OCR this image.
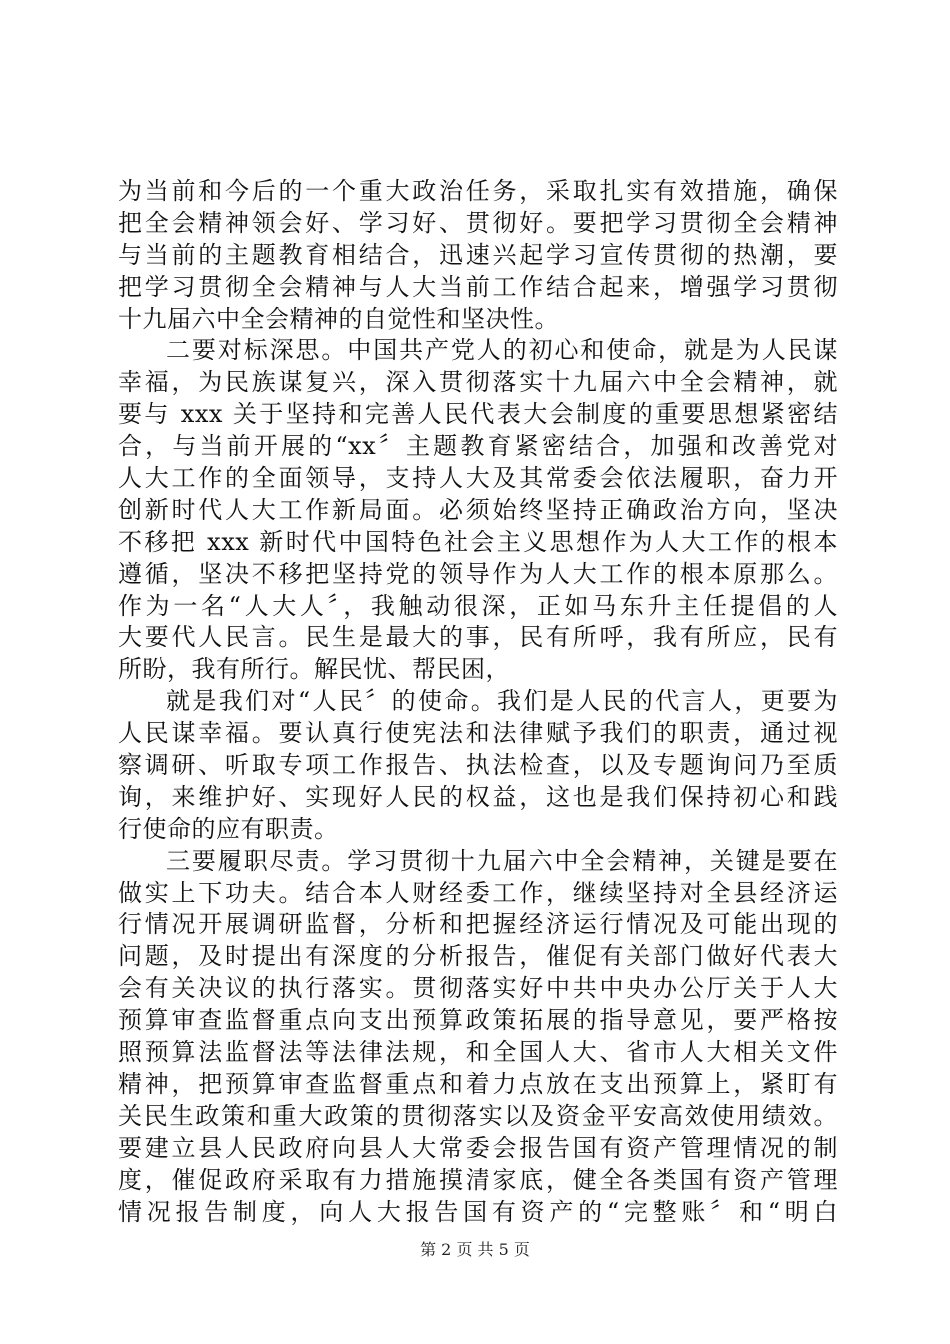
为当前和今后的一个重大政治任务，采取扎实有效措施，确保
把全会精神领会好、学习好、贯彻好。要把学习贯彻全会精神
与当前的主题教育相结合，迅速兴起学习宣传贯彻的热潮，要
把学习贯彻全会精神与人大当前工作结合起来，增强学习贯彻
十九届六中全会精神的自觉性和坚决性。
二要对标深思。中国共产党人的初心和使命，就是为人民谋
幸福，为民族谋复兴，深入贯彻落实十九届六中全会精神，就
要与 xxx 关于坚持和完善人民代表大会制度的重要思想紧密结
合，与当前开展的“xx〞主题教育紧密结合，加强和改善党对
人大工作的全面领导，支持人大及其常委会依法履职，奋力开
创新时代人大工作新局面。必须始终坚持正确政治方向，坚决
不移把 xxx 新时代中国特色社会主义思想作为人大工作的根本
遵循，坚决不移把坚持党的领导作为人大工作的根本原那么。
作为一名“人大人〞，我触动很深，正如马东升主任提倡的人
大要代人民言。民生是最大的事，民有所呼，我有所应，民有
所盼，我有所行。解民忧、帮民困，
就是我们对“人民〞的使命。我们是人民的代言人，更要为
人民谋幸福。要认真行使宪法和法律赋予我们的职责，通过视
察调研、听取专项工作报告、执法检查，以及专题询问乃至质
询，来维护好、实现好人民的权益，这也是我们保持初心和践
行使命的应有职责。
三要履职尽责。学习贯彻十九届六中全会精神，关键是要在
做实上下功夫。结合本人财经委工作，继续坚持对全县经济运
行情况开展调研监督，分析和把握经济运行情况及可能出现的
问题，及时提出有深度的分析报告，催促有关部门做好代表大
会有关决议的执行落实。贯彻落实好中共中央办公厅关于人大
预算审查监督重点向支出预算政策拓展的指导意见，要严格按
照预算法监督法等法律法规，和全国人大、省市人大相关文件
精神，把预算审查监督重点和着力点放在支出预算上，紧盯有
关民生政策和重大政策的贯彻落实以及资金平安高效使用绩效。
要建立县人民政府向县人大常委会报告国有资产管理情况的制
度，催促政府采取有力措施摸清家底，健全各类国有资产管理
情况报告制度，向人大报告国有资产的“完整账〞和“明白
第 2 页 共 5 页
